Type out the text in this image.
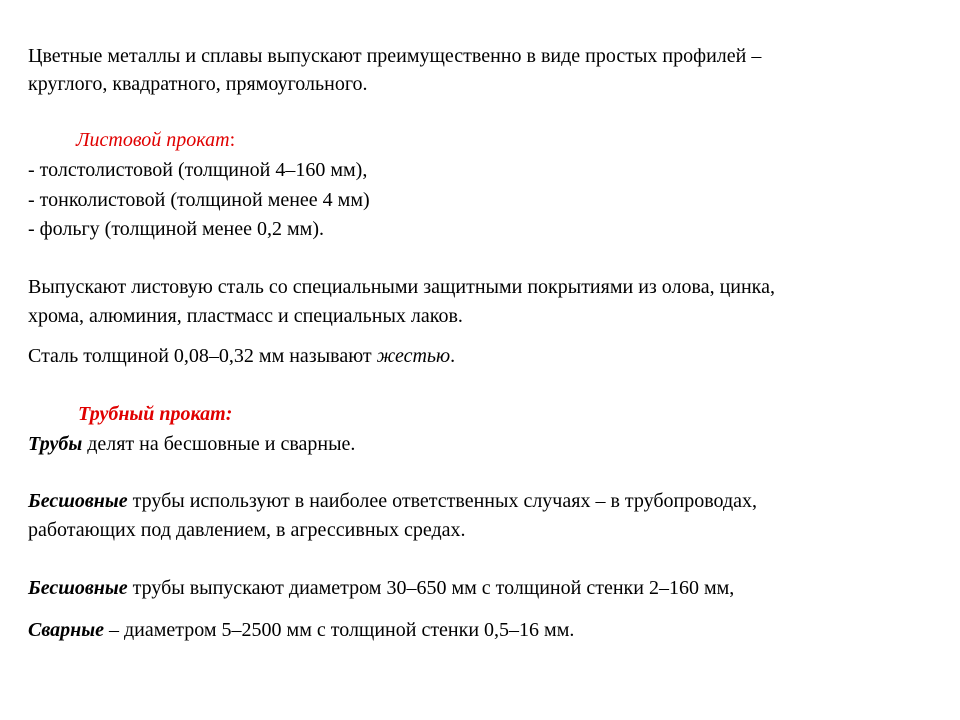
Цветные металлы и сплавы выпускают преимущественно в виде простых профилей –
круглого, квадратного, прямоугольного.
Листовой прокат:
- толстолистовой (толщиной 4–160 мм),
- тонколистовой (толщиной менее 4 мм)
- фольгу (толщиной менее 0,2 мм).
Выпускают листовую сталь со специальными защитными покрытиями из олова, цинка,
хрома, алюминия, пластмасс и специальных лаков.
Сталь толщиной 0,08–0,32 мм называют жестью.
Трубный прокат:
Трубы делят на бесшовные и сварные.
Бесшовные трубы используют в наиболее ответственных случаях – в трубопроводах,
работающих под давлением, в агрессивных средах.
Бесшовные трубы выпускают диаметром 30–650 мм с толщиной стенки 2–160 мм,
Сварные – диаметром 5–2500 мм с толщиной стенки 0,5–16 мм.
